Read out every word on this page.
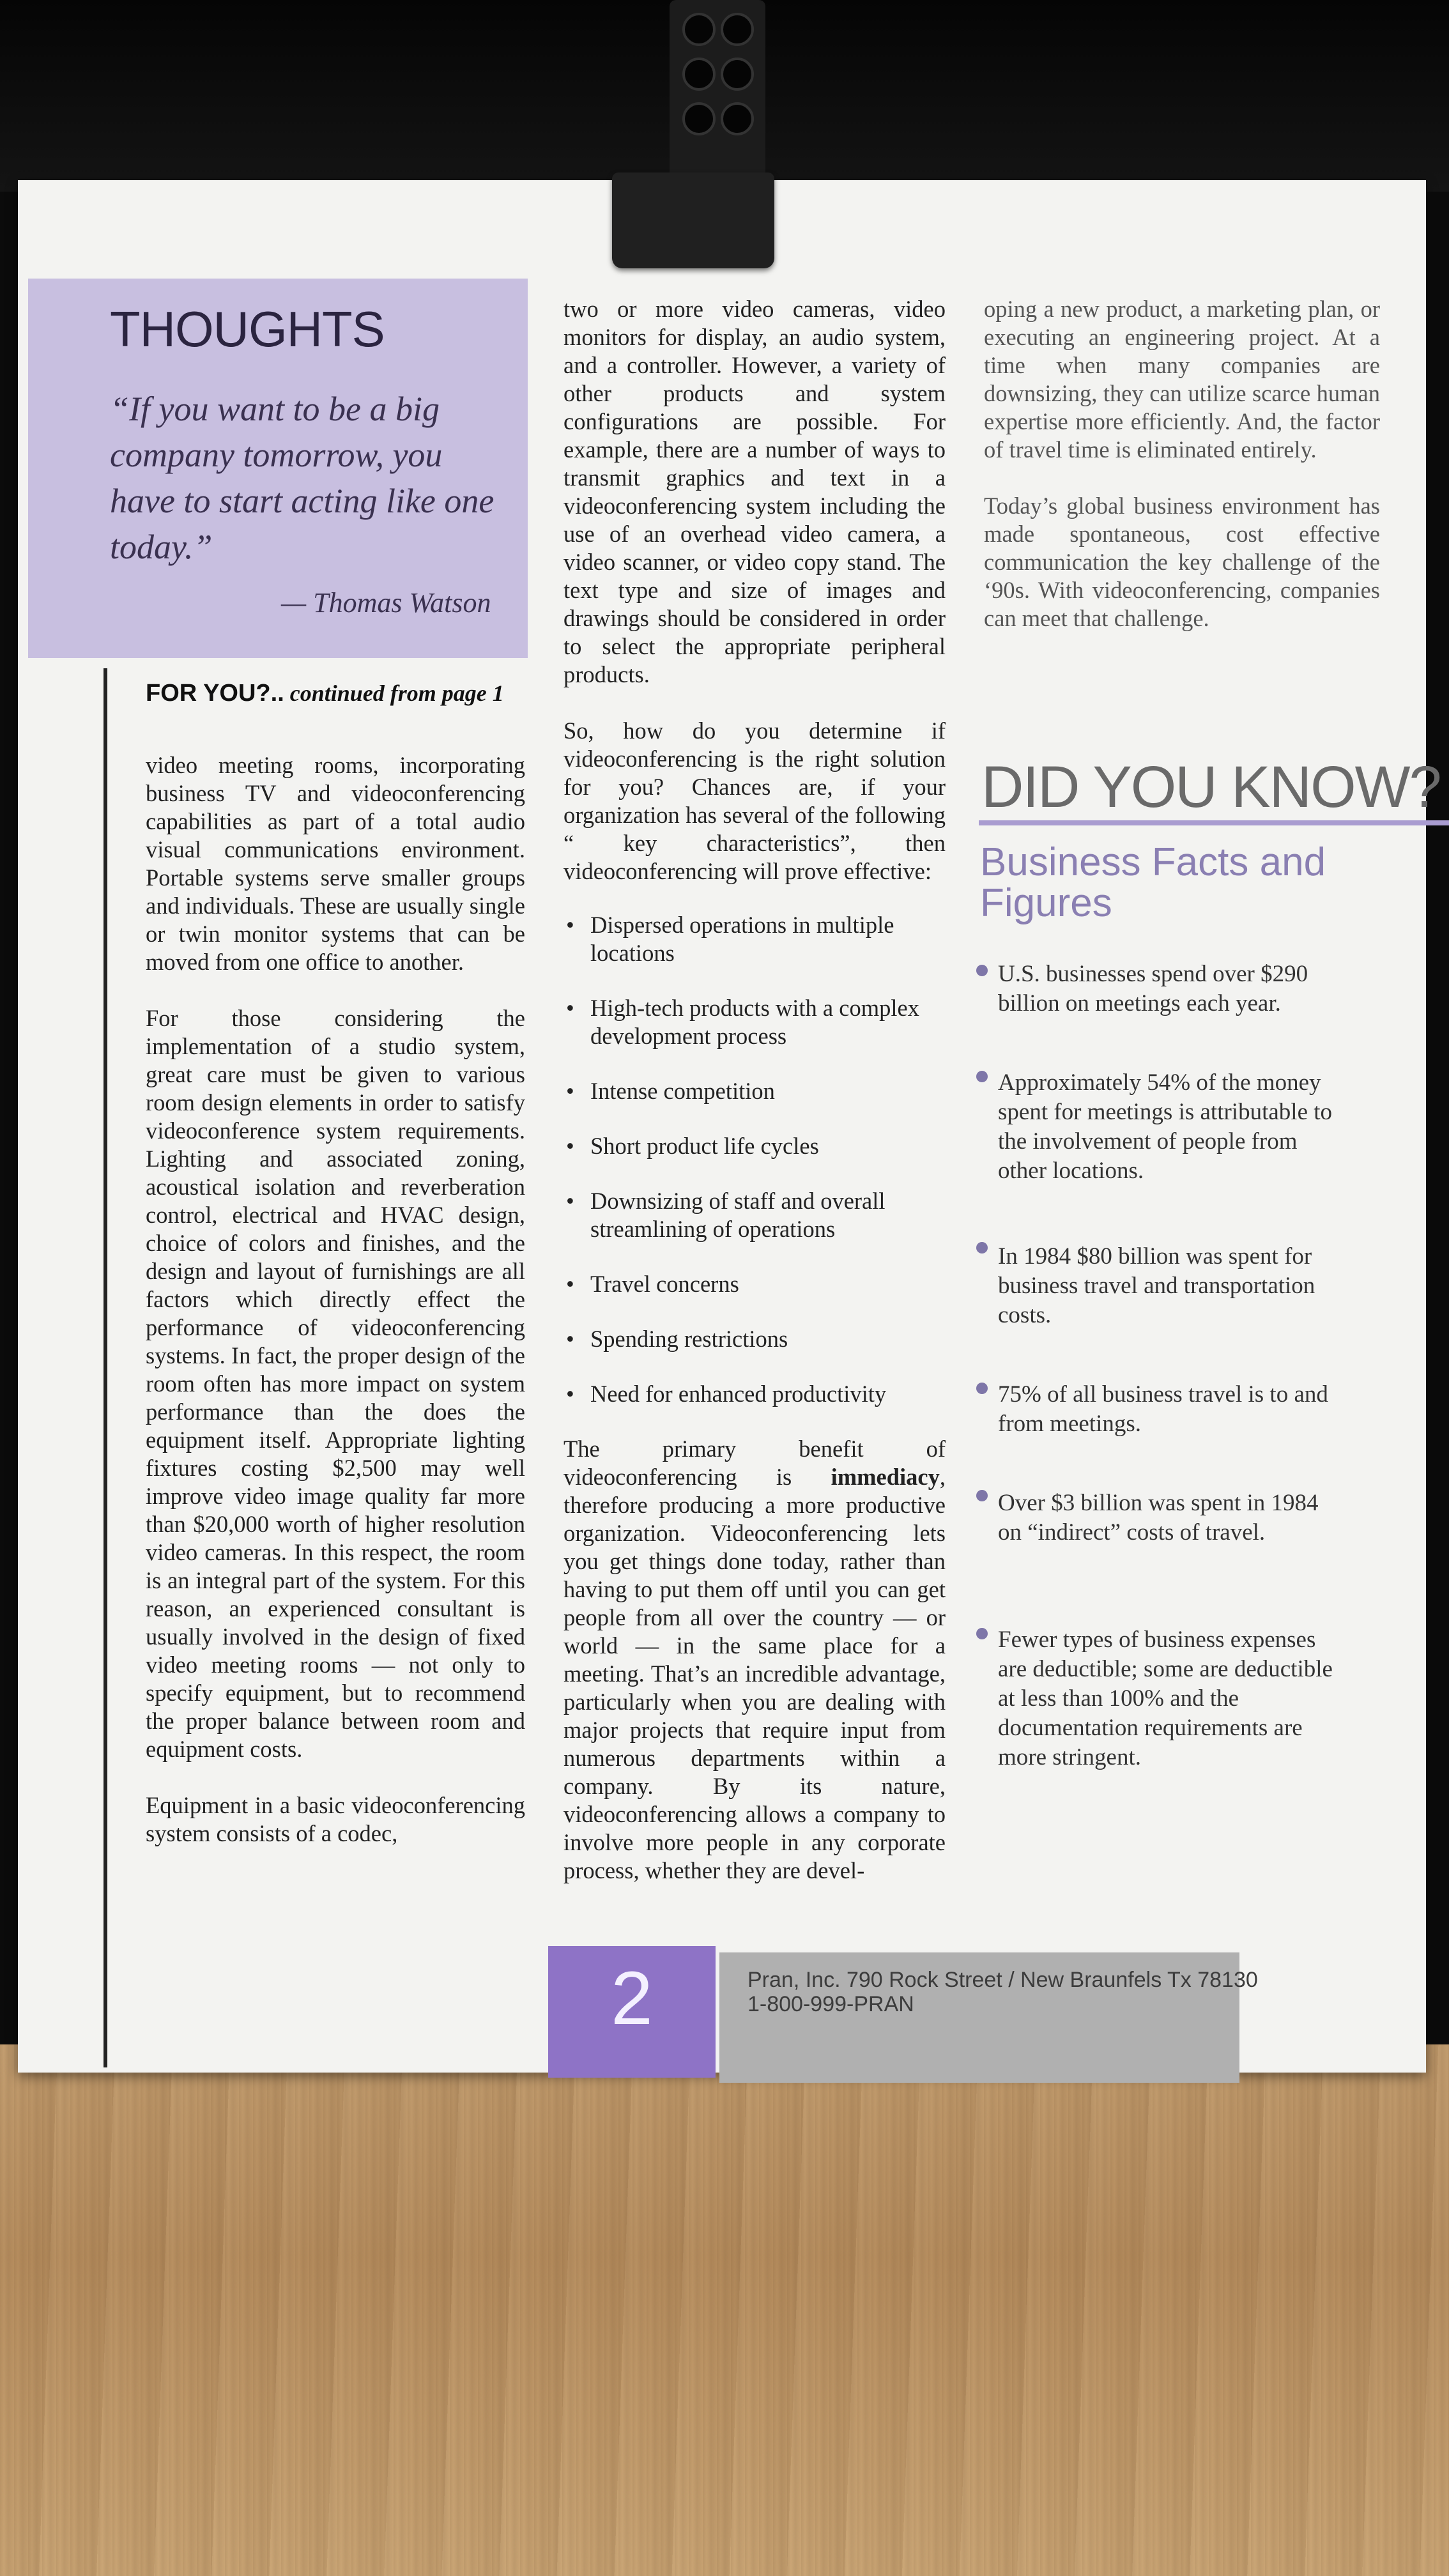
THOUGHTS
“If you want to be a big company tomorrow, you have to start acting like one today.”
— Thomas Watson
FOR YOU?.. continued from page 1

video meeting rooms, incorporating business TV and videoconferencing capabilities as part of a total audio visual communications environment. Portable systems serve smaller groups and individuals. These are usually single or twin monitor systems that can be moved from one office to another.

For those considering the implementation of a studio system, great care must be given to various room design elements in order to satisfy videoconference system requirements. Lighting and associated zoning, acoustical isolation and reverberation control, electrical and HVAC design, choice of colors and finishes, and the design and layout of furnishings are all factors which directly effect the performance of videoconferencing systems. In fact, the proper design of the room often has more impact on system performance than the does the equipment itself. Appropriate lighting fixtures costing $2,500 may well improve video image quality far more than $20,000 worth of higher resolution video cameras. In this respect, the room is an integral part of the system. For this reason, an experienced consultant is usually involved in the design of fixed video meeting rooms — not only to specify equipment, but to recommend the proper balance between room and equipment costs.

Equipment in a basic videoconferencing system consists of a codec,

two or more video cameras, video monitors for display, an audio system, and a controller. However, a variety of other products and system configurations are possible. For example, there are a number of ways to transmit graphics and text in a videoconferencing system including the use of an overhead video camera, a video scanner, or video copy stand. The text type and size of images and drawings should be considered in order to select the appropriate peripheral products.

So, how do you determine if videoconferencing is the right solution for you? Chances are, if your organization has several of the following “ key characteristics”, then videoconferencing will prove effective:

• Dispersed operations in multiple locations
• High-tech products with a complex development process
• Intense competition
• Short product life cycles
• Downsizing of staff and overall streamlining of operations
• Travel concerns
• Spending restrictions
• Need for enhanced productivity

The primary benefit of videoconferencing is immediacy, therefore producing a more productive organization. Videoconferencing lets you get things done today, rather than having to put them off until you can get people from all over the country — or world — in the same place for a meeting. That’s an incredible advantage, particularly when you are dealing with major projects that require input from numerous departments within a company. By its nature, videoconferencing allows a company to involve more people in any corporate process, whether they are devel-

oping a new product, a marketing plan, or executing an engineering project. At a time when many companies are downsizing, they can utilize scarce human expertise more efficiently. And, the factor of travel time is eliminated entirely.

Today’s global business environment has made spontaneous, cost effective communication the key challenge of the ‘90s. With videoconferencing, companies can meet that challenge.

DID YOU KNOW?
Business Facts and Figures
U.S. businesses spend over $290 billion on meetings each year.
Approximately 54% of the money spent for meetings is attributable to the involvement of people from other locations.
In 1984 $80 billion was spent for business travel and transportation costs.
75% of all business travel is to and from meetings.
Over $3 billion was spent in 1984 on “indirect” costs of travel.
Fewer types of business expenses are deductible; some are deductible at less than 100% and the documentation requirements are more stringent.
2	Pran, Inc. 790 Rock Street / New Braunfels Tx 78130
1-800-999-PRAN
